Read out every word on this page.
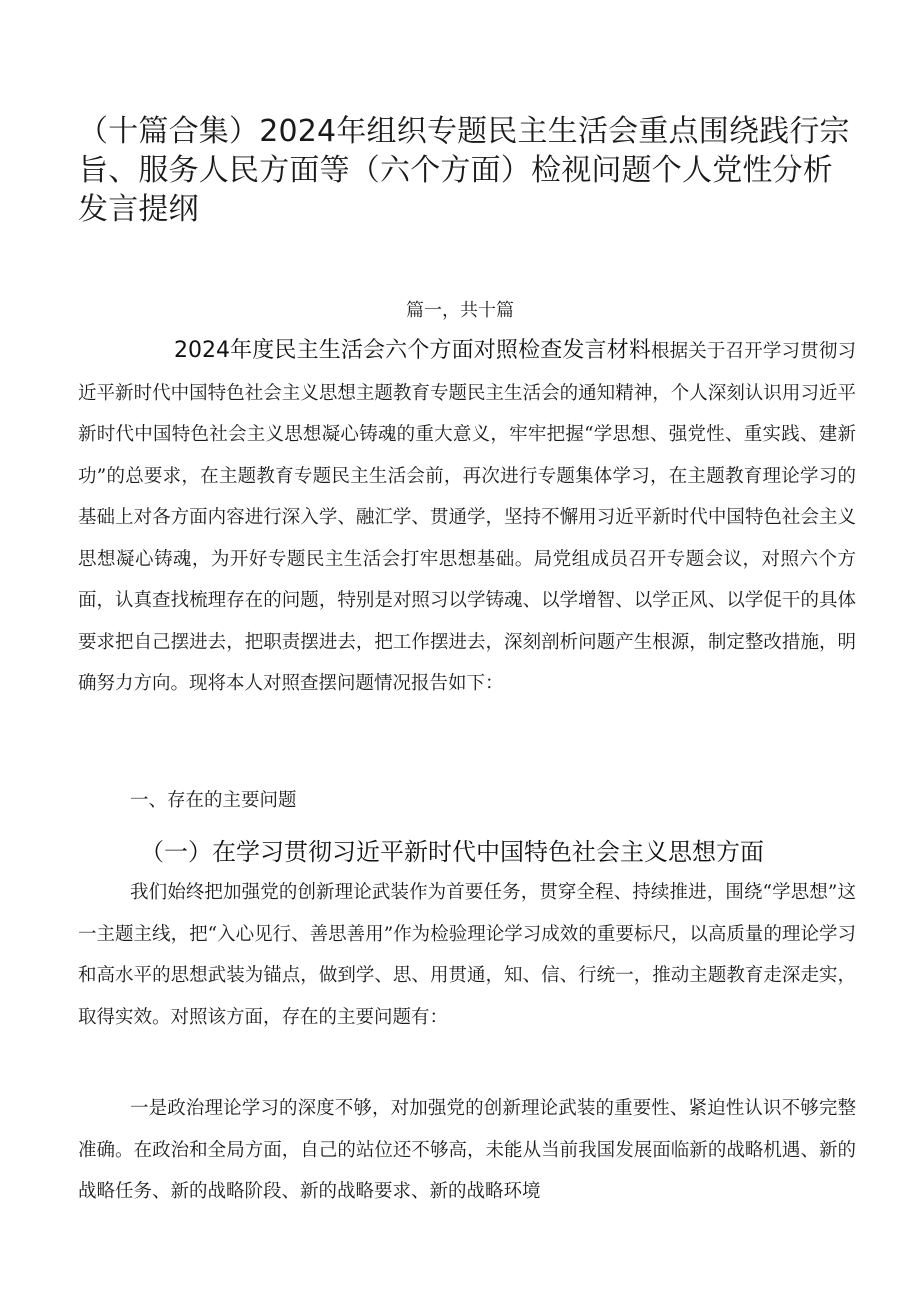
（十篇合集）2024年组织专题民主生活会重点围绕践行宗旨、服务人民方面等（六个方面）检视问题个人党性分析发言提纲

篇一，共十篇

2024年度民主生活会六个方面对照检查发言材料根据关于召开学习贯彻习近平新时代中国特色社会主义思想主题教育专题民主生活会的通知精神，个人深刻认识用习近平新时代中国特色社会主义思想凝心铸魂的重大意义，牢牢把握“学思想、强党性、重实践、建新功”的总要求，在主题教育专题民主生活会前，再次进行专题集体学习，在主题教育理论学习的基础上对各方面内容进行深入学、融汇学、贯通学，坚持不懈用习近平新时代中国特色社会主义思想凝心铸魂，为开好专题民主生活会打牢思想基础。局党组成员召开专题会议，对照六个方面，认真查找梳理存在的问题，特别是对照习以学铸魂、以学增智、以学正风、以学促干的具体要求把自己摆进去，把职责摆进去，把工作摆进去，深刻剖析问题产生根源，制定整改措施，明确努力方向。现将本人对照查摆问题情况报告如下：

一、存在的主要问题
（一）在学习贯彻习近平新时代中国特色社会主义思想方面

我们始终把加强党的创新理论武装作为首要任务，贯穿全程、持续推进，围绕“学思想”这一主题主线，把“入心见行、善思善用”作为检验理论学习成效的重要标尺，以高质量的理论学习和高水平的思想武装为锚点，做到学、思、用贯通，知、信、行统一，推动主题教育走深走实，取得实效。对照该方面，存在的主要问题有：

一是政治理论学习的深度不够，对加强党的创新理论武装的重要性、紧迫性认识不够完整准确。在政治和全局方面，自己的站位还不够高，未能从当前我国发展面临新的战略机遇、新的战略任务、新的战略阶段、新的战略要求、新的战略环境
